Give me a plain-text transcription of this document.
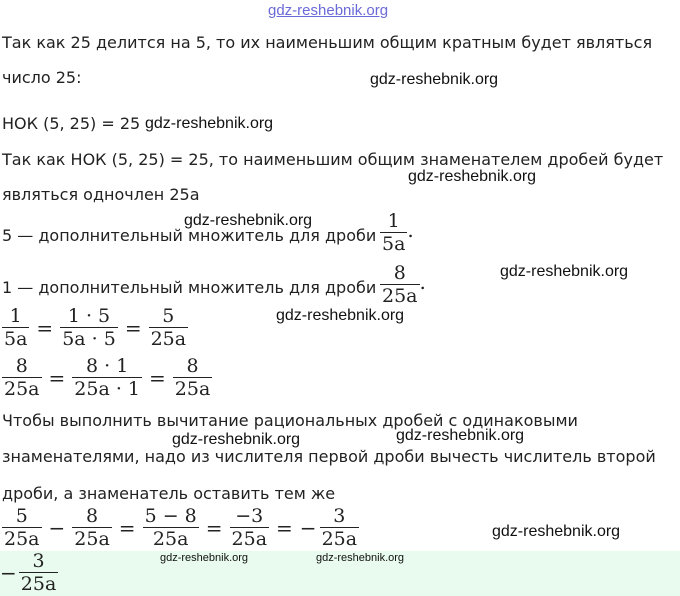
gdz-reshebnik.org
Так как 25 делится на 5, то их наименьшим общим кратным будет являться
число 25:	gdz-reshebnik.org
НОК (5, 25) = 25 gdz-reshebnik.org
Так как НОК (5, 25) = 25, то наименьшим общим знаменателем дробей будет
gdz-reshebnik.org
являться одночлен 25a
gdz-reshebnik.org
5 — дополнительный множитель для дроби $\frac{1}{5a}$ .
1 — дополнительный множитель для дроби $\frac{8}{25a}$ .	gdz-reshebnik.org
$\frac{1}{5a} = \frac{1 \cdot 5}{5a \cdot 5} = \frac{5}{25a}$	gdz-reshebnik.org
$\frac{8}{25a} = \frac{8 \cdot 1}{25a \cdot 1} = \frac{8}{25a}$
Чтобы выполнить вычитание рациональных дробей с одинаковыми
gdz-reshebnik.org	gdz-reshebnik.org
знаменателями, надо из числителя первой дроби вычесть числитель второй
дроби, а знаменатель оставить тем же
$\frac{5}{25a} - \frac{8}{25a} = \frac{5 - 8}{25a} = \frac{-3}{25a}$ = − $\frac{3}{25a}$	gdz-reshebnik.org
gdz-reshebnik.org	gdz-reshebnik.org
− $\frac{3}{25a}$
